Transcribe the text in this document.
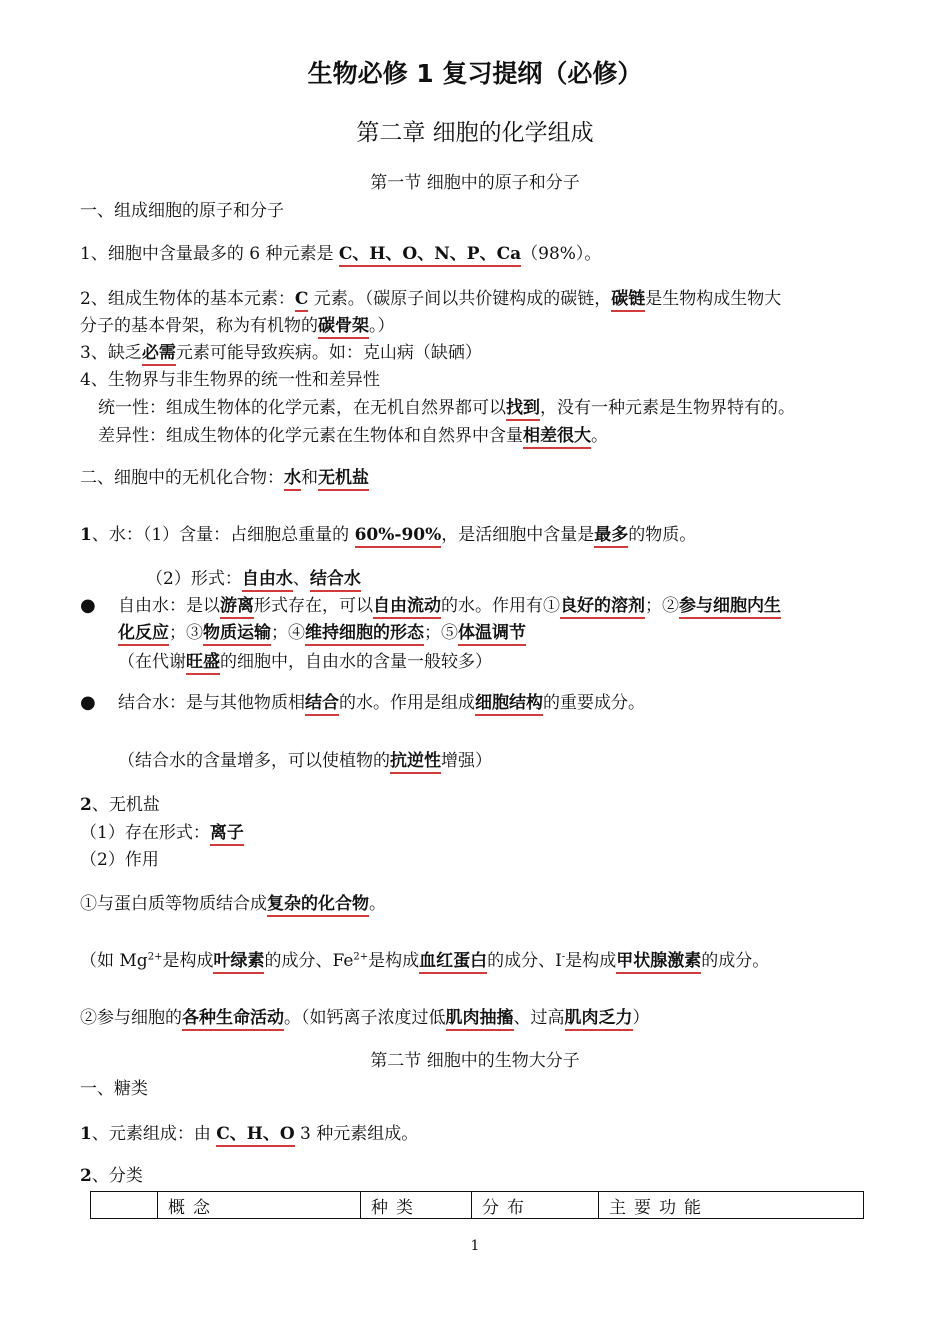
生物必修 1 复习提纲（必修）
第二章 细胞的化学组成
第一节 细胞中的原子和分子
一、组成细胞的原子和分子
1、细胞中含量最多的 6 种元素是 C、H、O、N、P、Ca（98%）。
2、组成生物体的基本元素：C 元素。（碳原子间以共价键构成的碳链，碳链是生物构成生物大
分子的基本骨架，称为有机物的碳骨架。）
3、缺乏必需元素可能导致疾病。如：克山病（缺硒）
4、生物界与非生物界的统一性和差异性
统一性：组成生物体的化学元素，在无机自然界都可以找到，没有一种元素是生物界特有的。
差异性：组成生物体的化学元素在生物体和自然界中含量相差很大。
二、细胞中的无机化合物：水和无机盐
1、水：（1）含量：占细胞总重量的 60%-90%，是活细胞中含量是最多的物质。
（2）形式：自由水、结合水
● 自由水：是以游离形式存在，可以自由流动的水。作用有①良好的溶剂；②参与细胞内生
化反应；③物质运输；④维持细胞的形态；⑤体温调节
（在代谢旺盛的细胞中，自由水的含量一般较多）
● 结合水：是与其他物质相结合的水。作用是组成细胞结构的重要成分。
（结合水的含量增多，可以使植物的抗逆性增强）
2、无机盐
（1）存在形式：离子
（2）作用
①与蛋白质等物质结合成复杂的化合物。
（如 $Mg^{2+}$是构成叶绿素的成分、$Fe^{2+}$是构成血红蛋白的成分、I-是构成甲状腺激素的成分。
②参与细胞的各种生命活动。（如钙离子浓度过低肌肉抽搐、过高肌肉乏力）
第二节 细胞中的生物大分子
一、糖类
1、元素组成：由 C、H、O 3 种元素组成。
2、分类
	概念	种类	分布	主要功能
1
